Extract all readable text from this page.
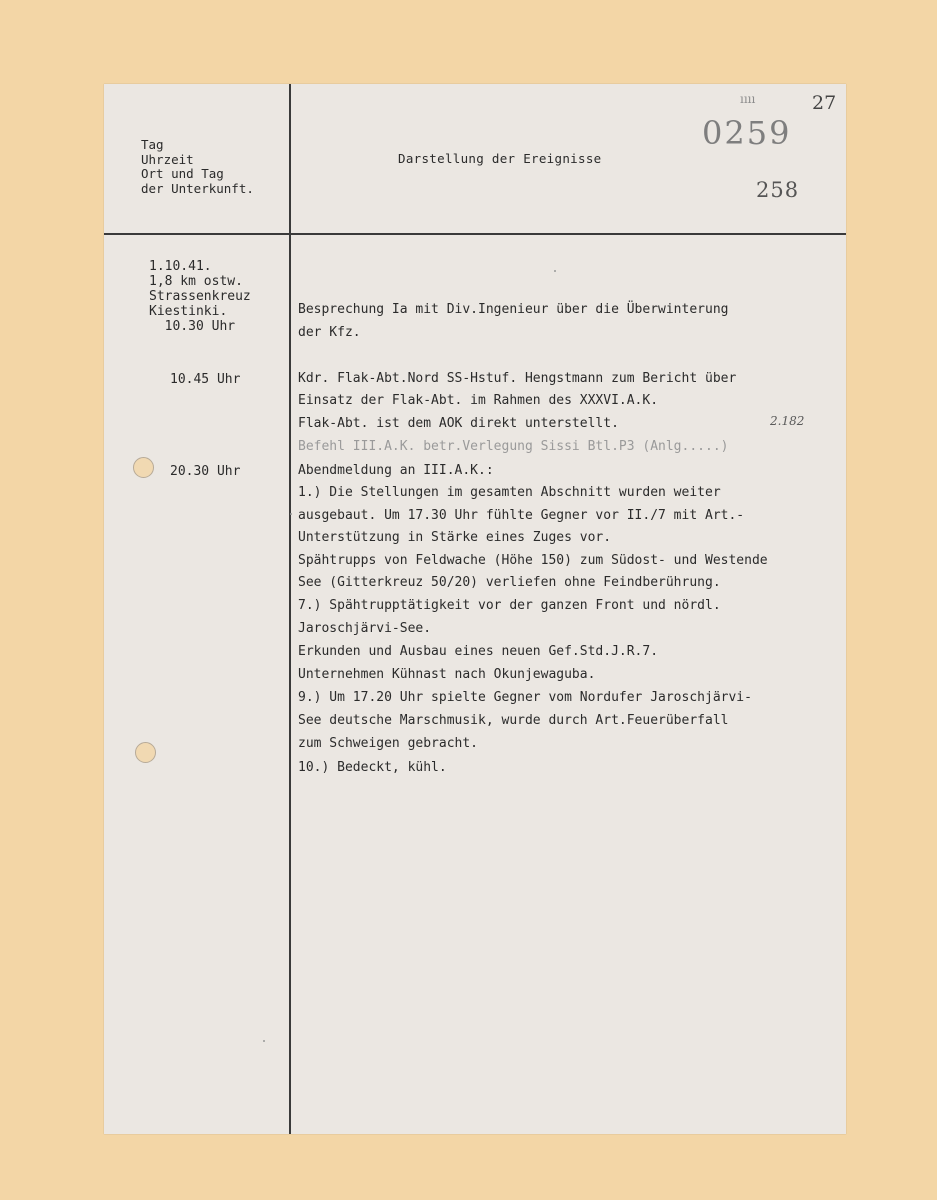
Tag
Uhrzeit
Ort und Tag
der Unterkunft.
Darstellung der Ereignisse
ıııı
0259
27
258
1.10.41.
1,8 km ostw.
Strassenkreuz
Kiestinki.
10.30 Uhr
10.45 Uhr
20.30 Uhr
Besprechung Ia mit Div.Ingenieur über die Überwinterung
der Kfz.
Kdr. Flak-Abt.Nord SS-Hstuf. Hengstmann zum Bericht über
Einsatz der Flak-Abt. im Rahmen des XXXVI.A.K.
Flak-Abt. ist dem AOK direkt unterstellt.
Befehl III.A.K. betr.Verlegung Sissi Btl.P3 (Anlg.....)
Abendmeldung an III.A.K.:
1.) Die Stellungen im gesamten Abschnitt wurden weiter
ausgebaut. Um 17.30 Uhr fühlte Gegner vor II./7 mit Art.-
Unterstützung in Stärke eines Zuges vor.
Spähtrupps von Feldwache (Höhe 150) zum Südost- und Westende
See (Gitterkreuz 50/20) verliefen ohne Feindberührung.
7.) Spähtrupptätigkeit vor der ganzen Front und nördl.
Jaroschjärvi-See.
Erkunden und Ausbau eines neuen Gef.Std.J.R.7.
Unternehmen Kühnast nach Okunjewaguba.
9.) Um 17.20 Uhr spielte Gegner vom Nordufer Jaroschjärvi-
See deutsche Marschmusik, wurde durch Art.Feuerüberfall
zum Schweigen gebracht.
10.) Bedeckt, kühl.
2.182
